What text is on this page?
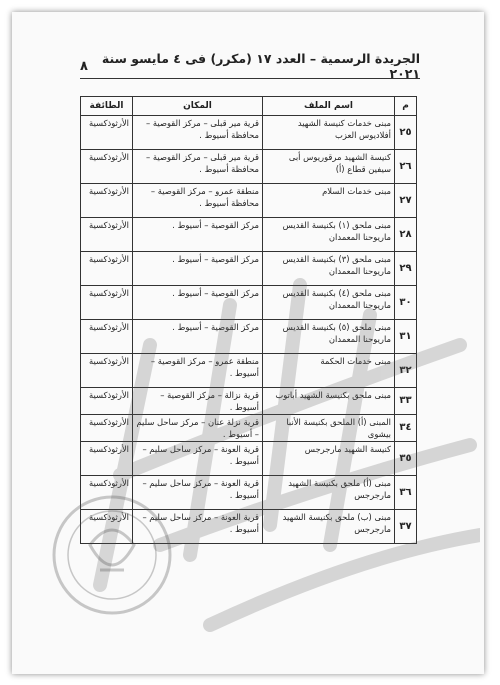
٨	الجريدة الرسمية – العدد ١٧ (مكرر) فى ٤ مايسو سنة ٢٠٢١
م	اسم الملف	المكان	الطائفة
٢٥	مبنى خدمات كنيسة الشهيد أفلاديوس العزب	قرية مير قبلى – مركز القوصية – محافظة أسيوط .	الأرثوذكسية
٢٦	كنيسة الشهيد مرقوريوس أبى سيفين قطاع (أ)	قرية مير قبلى – مركز القوصية – محافظة أسيوط .	الأرثوذكسية
٢٧	مبنى خدمات السلام	منطقة عمرو – مركز القوصية – محافظة أسيوط .	الأرثوذكسية
٢٨	مبنى ملحق (١) بكنيسة القديس ماريوحنا المعمدان	مركز القوصية – أسيوط .	الأرثوذكسية
٢٩	مبنى ملحق (٣) بكنيسة القديس ماريوحنا المعمدان	مركز القوصية – أسيوط .	الأرثوذكسية
٣٠	مبنى ملحق (٤) بكنيسة القديس ماريوحنا المعمدان	مركز القوصية – أسيوط .	الأرثوذكسية
٣١	مبنى ملحق (٥) بكنيسة القديس ماريوحنا المعمدان	مركز القوصية – أسيوط .	الأرثوذكسية
٣٢	مبنى خدمات الحكمة	منطقة عمرو – مركز القوصية – أسيوط .	الأرثوذكسية
٣٣	مبنى ملحق بكنيسة الشهيد أباتوب	قرية نزالة – مركز القوصية – أسيوط .	الأرثوذكسية
٣٤	المبنى (أ) الملحق بكنيسة الأنبا بيشوى	قرية نزلة عنان – مركز ساحل سليم – أسيوط .	الأرثوذكسية
٣٥	كنيسة الشهيد مارجرجس	قرية العونة – مركز ساحل سليم – أسيوط .	الأرثوذكسية
٣٦	مبنى (أ) ملحق بكنيسة الشهيد مارجرجس	قرية العونة – مركز ساحل سليم – أسيوط .	الأرثوذكسية
٣٧	مبنى (ب) ملحق بكنيسة الشهيد مارجرجس	قرية العونة – مركز ساحل سليم – أسيوط .	الأرثوذكسية
